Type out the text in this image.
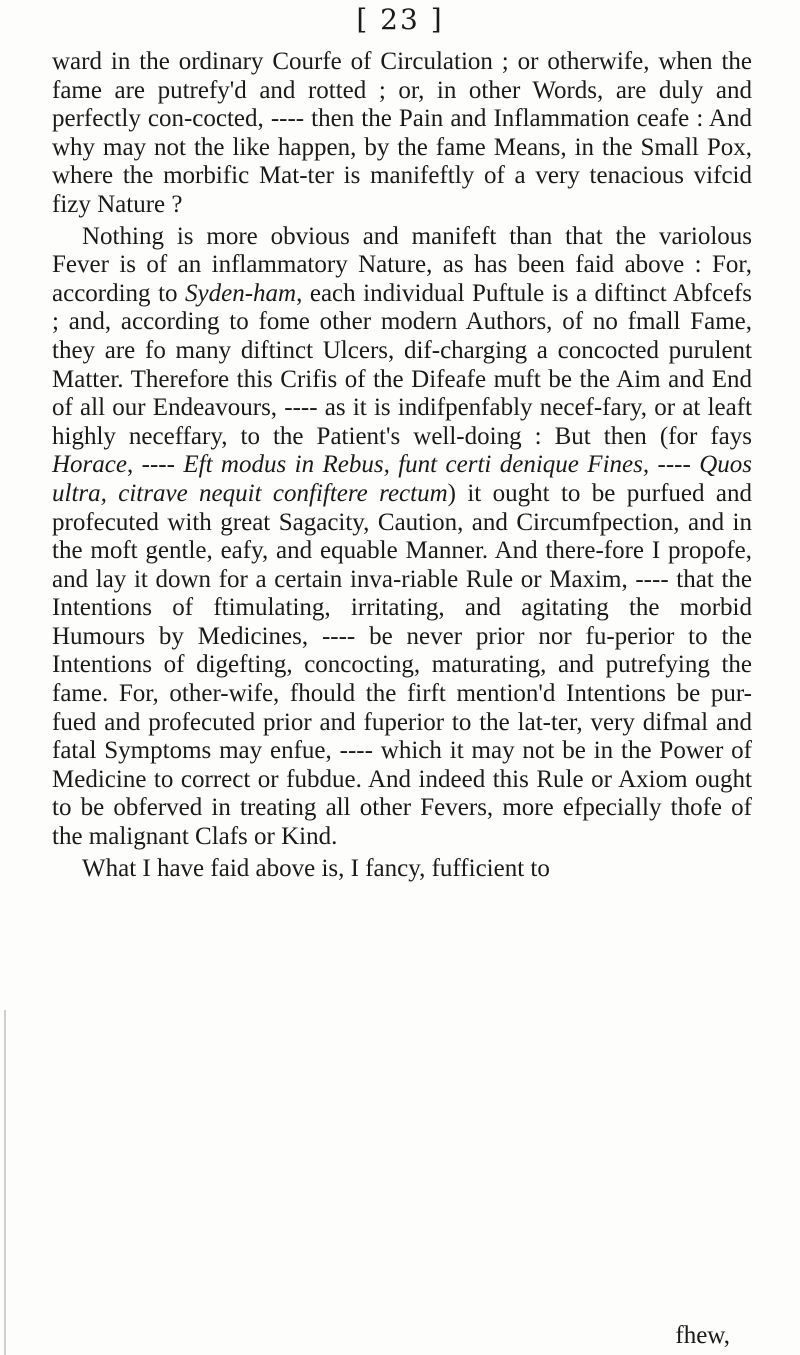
[ 23 ]

ward in the ordinary Courfe of Circulation ; or otherwife, when the fame are putrefy'd and rotted ; or, in other Words, are duly and perfectly con-cocted, ---- then the Pain and Inflammation ceafe : And why may not the like happen, by the fame Means, in the Small Pox, where the morbific Mat-ter is manifeftly of a very tenacious vifcid fizy Nature ?

Nothing is more obvious and manifeft than that the variolous Fever is of an inflammatory Nature, as has been faid above : For, according to Syden-ham, each individual Puftule is a diftinct Abfcefs ; and, according to fome other modern Authors, of no fmall Fame, they are fo many diftinct Ulcers, dif-charging a concocted purulent Matter. Therefore this Crifis of the Difeafe muft be the Aim and End of all our Endeavours, ---- as it is indifpenfably necef-fary, or at leaft highly neceffary, to the Patient's well-doing : But then (for fays Horace, ---- Eft modus in Rebus, funt certi denique Fines, ---- Quos ultra, citrave nequit confiftere rectum) it ought to be purfued and profecuted with great Sagacity, Caution, and Circumfpection, and in the moft gentle, eafy, and equable Manner. And there-fore I propofe, and lay it down for a certain inva-riable Rule or Maxim, ---- that the Intentions of ftimulating, irritating, and agitating the morbid Humours by Medicines, ---- be never prior nor fu-perior to the Intentions of digefting, concocting, maturating, and putrefying the fame. For, other-wife, fhould the firft mention'd Intentions be pur-fued and profecuted prior and fuperior to the lat-ter, very difmal and fatal Symptoms may enfue, ---- which it may not be in the Power of Medicine to correct or fubdue. And indeed this Rule or Axiom ought to be obferved in treating all other Fevers, more efpecially thofe of the malignant Clafs or Kind.

What I have faid above is, I fancy, fufficient to

fhew,
